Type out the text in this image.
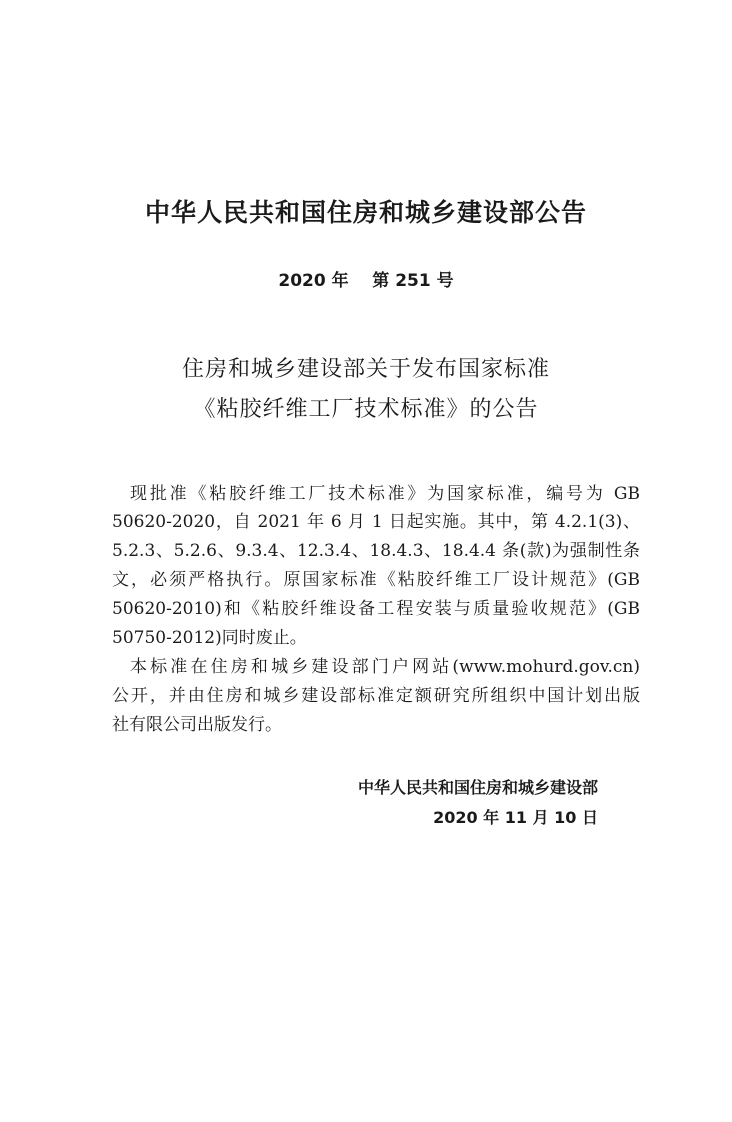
中华人民共和国住房和城乡建设部公告
2020 年    第 251 号
住房和城乡建设部关于发布国家标准
《粘胶纤维工厂技术标准》的公告
现批准《粘胶纤维工厂技术标准》为国家标准，编号为 GB
50620-2020，自 2021 年 6 月 1 日起实施。其中，第 4.2.1(3)、
5.2.3、5.2.6、9.3.4、12.3.4、18.4.3、18.4.4 条(款)为强制性条
文，必须严格执行。原国家标准《粘胶纤维工厂设计规范》(GB
50620-2010)和《粘胶纤维设备工程安装与质量验收规范》(GB
50750-2012)同时废止。
本标准在住房和城乡建设部门户网站(www.mohurd.gov.cn)
公开，并由住房和城乡建设部标准定额研究所组织中国计划出版
社有限公司出版发行。
中华人民共和国住房和城乡建设部
2020 年 11 月 10 日
